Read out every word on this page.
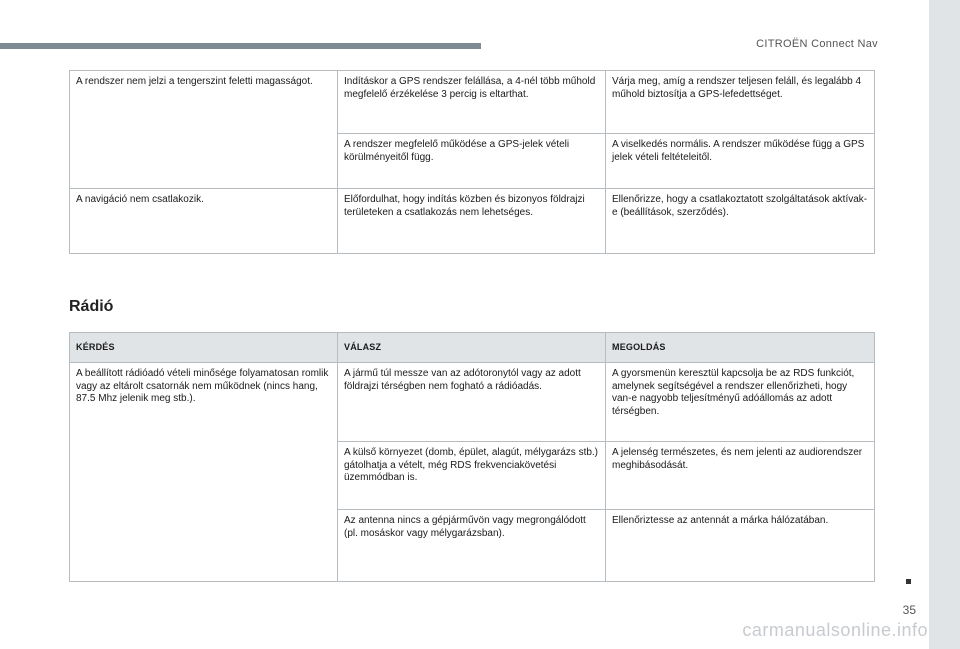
CITROËN Connect Nav
A rendszer nem jelzi a tengerszint feletti magasságot.	Indításkor a GPS rendszer felállása, a 4-nél több műhold megfelelő érzékelése 3 percig is eltarthat.	Várja meg, amíg a rendszer teljesen feláll, és legalább 4 műhold biztosítja a GPS-lefedettséget.
	A rendszer megfelelő működése a GPS-jelek vételi körülményeitől függ.	A viselkedés normális. A rendszer működése függ a GPS jelek vételi feltételeitől.
A navigáció nem csatlakozik.	Előfordulhat, hogy indítás közben és bizonyos földrajzi területeken a csatlakozás nem lehetséges.	Ellenőrizze, hogy a csatlakoztatott szolgáltatások aktívak-e (beállítások, szerződés).
Rádió
KÉRDÉS	VÁLASZ	MEGOLDÁS
A beállított rádióadó vételi minősége folyamatosan romlik vagy az eltárolt csatornák nem működnek (nincs hang, 87.5 Mhz jelenik meg stb.).	A jármű túl messze van az adótoronytól vagy az adott földrajzi térségben nem fogható a rádióadás.	A gyorsmenün keresztül kapcsolja be az RDS funkciót, amelynek segítségével a rendszer ellenőrizheti, hogy van-e nagyobb teljesítményű adóállomás az adott térségben.
	A külső környezet (domb, épület, alagút, mélygarázs stb.) gátolhatja a vételt, még RDS frekvenciakövetési üzemmódban is.	A jelenség természetes, és nem jelenti az audiorendszer meghibásodását.
	Az antenna nincs a gépjárművön vagy megrongálódott (pl. mosáskor vagy mélygarázsban).	Ellenőriztesse az antennát a márka hálózatában.
35
carmanualsonline.info
